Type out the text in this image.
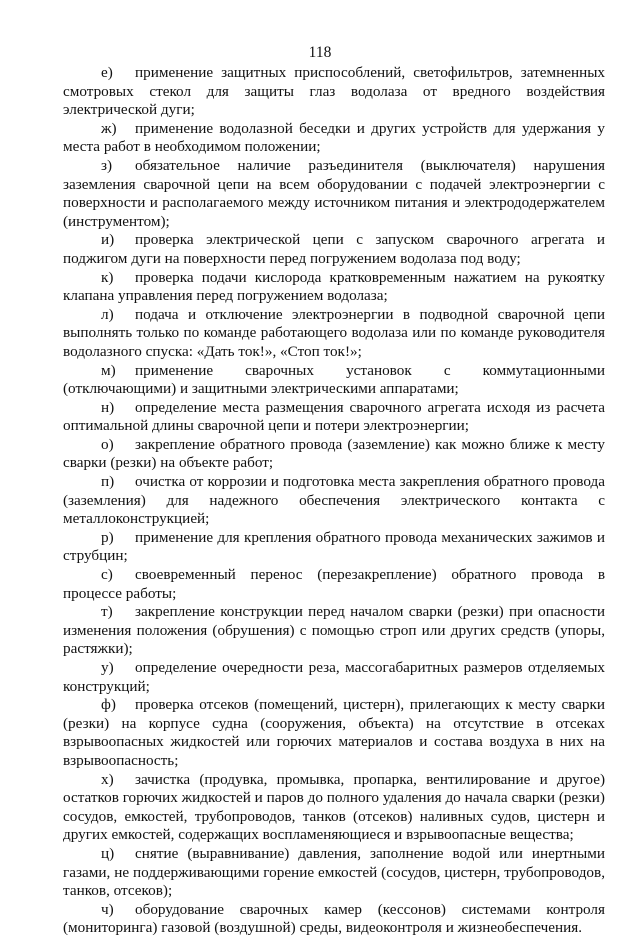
118

е) применение защитных приспособлений, светофильтров, затемненных смотровых стекол для защиты глаз водолаза от вредного воздействия электрической дуги;

ж) применение водолазной беседки и других устройств для удержания у места работ в необходимом положении;

з) обязательное наличие разъединителя (выключателя) нарушения заземления сварочной цепи на всем оборудовании с подачей электроэнергии с поверхности и располагаемого между источником питания и электрододержателем (инструментом);

и) проверка электрической цепи с запуском сварочного агрегата и поджигом дуги на поверхности перед погружением водолаза под воду;

к) проверка подачи кислорода кратковременным нажатием на рукоятку клапана управления перед погружением водолаза;

л) подача и отключение электроэнергии в подводной сварочной цепи выполнять только по команде работающего водолаза или по команде руководителя водолазного спуска: «Дать ток!», «Стоп ток!»;

м) применение сварочных установок с коммутационными (отключающими) и защитными электрическими аппаратами;

н) определение места размещения сварочного агрегата исходя из расчета оптимальной длины сварочной цепи и потери электроэнергии;

о) закрепление обратного провода (заземление) как можно ближе к месту сварки (резки) на объекте работ;

п) очистка от коррозии и подготовка места закрепления обратного провода (заземления) для надежного обеспечения электрического контакта с металлоконструкцией;

р) применение для крепления обратного провода механических зажимов и струбцин;

с) своевременный перенос (перезакрепление) обратного провода в процессе работы;

т) закрепление конструкции перед началом сварки (резки) при опасности изменения положения (обрушения) с помощью строп или других средств (упоры, растяжки);

у) определение очередности реза, массогабаритных размеров отделяемых конструкций;

ф) проверка отсеков (помещений, цистерн), прилегающих к месту сварки (резки) на корпусе судна (сооружения, объекта) на отсутствие в отсеках взрывоопасных жидкостей или горючих материалов и состава воздуха в них на взрывоопасность;

х) зачистка (продувка, промывка, пропарка, вентилирование и другое) остатков горючих жидкостей и паров до полного удаления до начала сварки (резки) сосудов, емкостей, трубопроводов, танков (отсеков) наливных судов, цистерн и других емкостей, содержащих воспламеняющиеся и взрывоопасные вещества;

ц) снятие (выравнивание) давления, заполнение водой или инертными газами, не поддерживающими горение емкостей (сосудов, цистерн, трубопроводов, танков, отсеков);

ч) оборудование сварочных камер (кессонов) системами контроля (мониторинга) газовой (воздушной) среды, видеоконтроля и жизнеобеспечения.
